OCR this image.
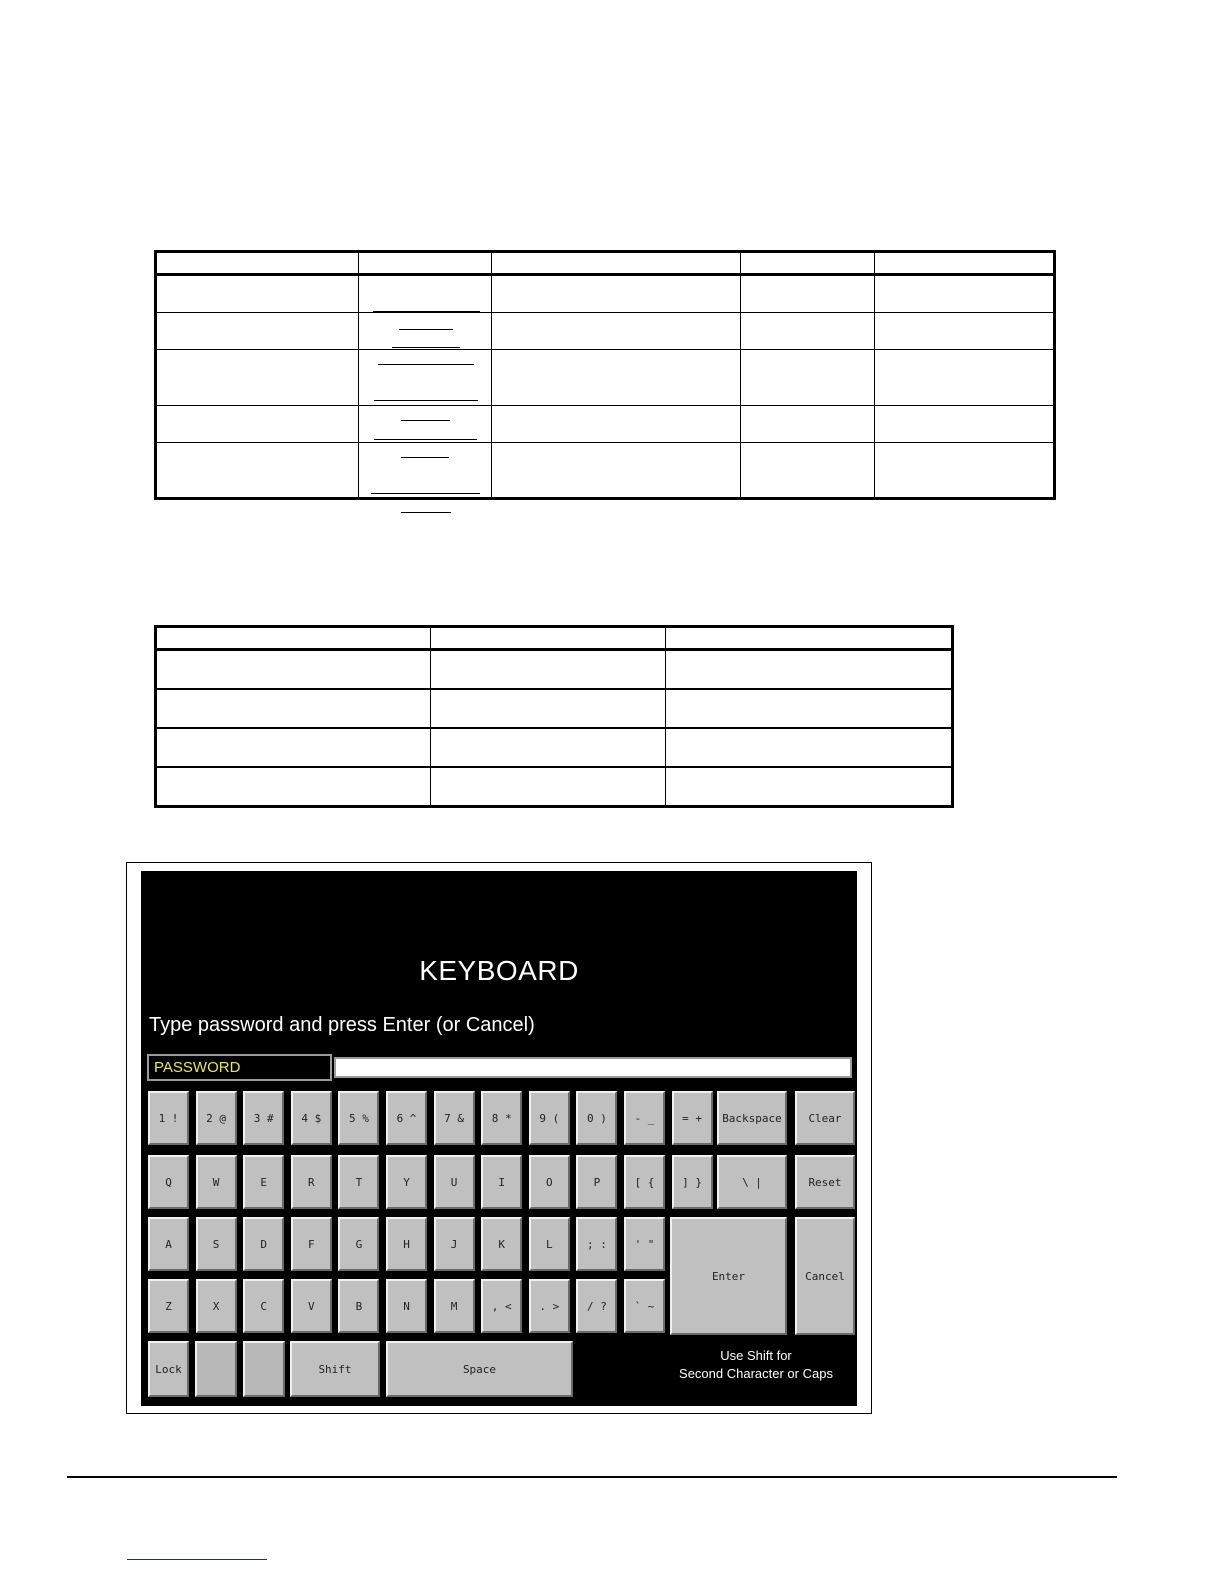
KEYBOARD
Type password and press Enter (or Cancel)
PASSWORD
1 !	2 @	3 #	4 $	5 %	6 ^	7 &	8 *	9 (	0 )	- _	= +	Backspace	Clear
Q	W	E	R	T	Y	U	I	O	P	[ {	] }	\ |	Reset
A	S	D	F	G	H	J	K	L	; :	' "
Enter	Cancel
Z	X	C	V	B	N	M	, <	. >	/ ?	` ~
Lock	Shift	Space
Use Shift for
Second Character or Caps
